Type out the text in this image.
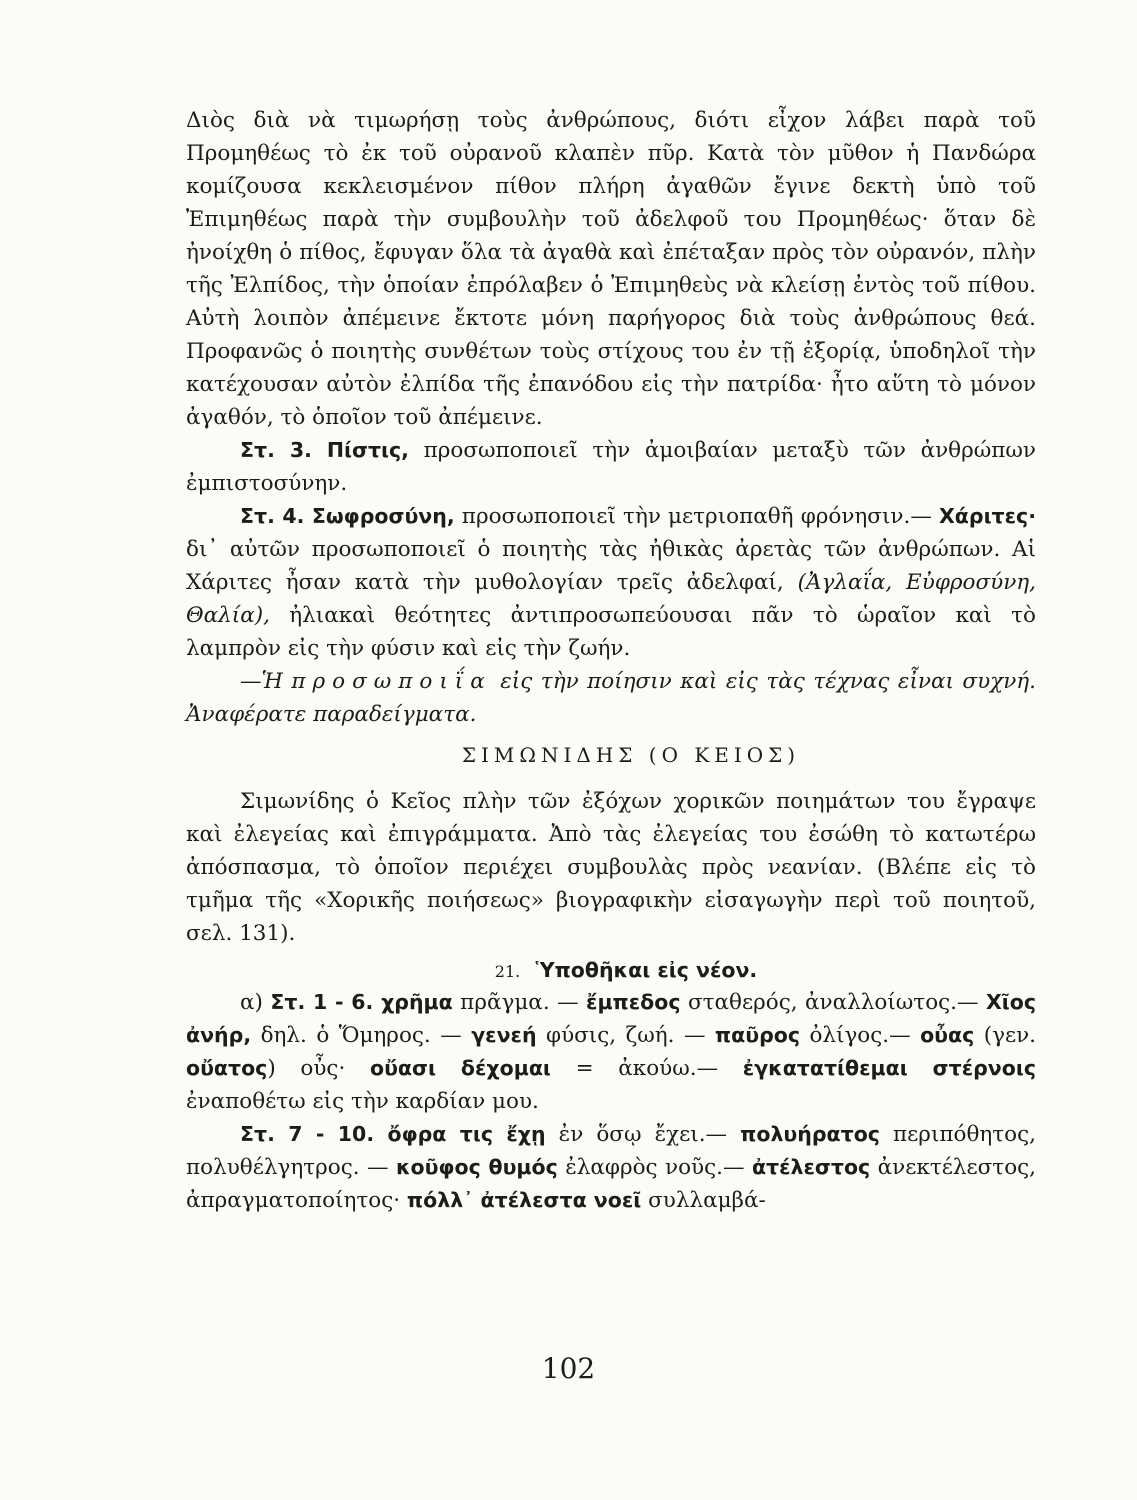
Διὸς διὰ νὰ τιμωρήσῃ τοὺς ἀνθρώπους, διότι εἶχον λάβει παρὰ τοῦ Προμηθέως τὸ ἐκ τοῦ οὐρανοῦ κλαπὲν πῦρ. Κατὰ τὸν μῦθον ἡ Πανδώρα κομίζουσα κεκλεισμένον πίθον πλήρη ἀγαθῶν ἔγινε δεκτὴ ὑπὸ τοῦ Ἐπιμηθέως παρὰ τὴν συμβουλὴν τοῦ ἀδελφοῦ του Προμηθέως· ὅταν δὲ ἠνοίχθη ὁ πίθος, ἔφυγαν ὅλα τὰ ἀγαθὰ καὶ ἐπέταξαν πρὸς τὸν οὐρανόν, πλὴν τῆς Ἐλπίδος, τὴν ὁποίαν ἐπρόλαβεν ὁ Ἐπιμηθεὺς νὰ κλείσῃ ἐντὸς τοῦ πίθου. Αὐτὴ λοιπὸν ἀπέμεινε ἔκτοτε μόνη παρήγορος διὰ τοὺς ἀνθρώπους θεά. Προφανῶς ὁ ποιητὴς συνθέτων τοὺς στίχους του ἐν τῇ ἐξορίᾳ, ὑποδηλοῖ τὴν κατέχουσαν αὐτὸν ἐλπίδα τῆς ἐπανόδου εἰς τὴν πατρίδα· ἦτο αὕτη τὸ μόνον ἀγαθόν, τὸ ὁποῖον τοῦ ἀπέμεινε.

Στ. 3. Πίστις, προσωποποιεῖ τὴν ἀμοιβαίαν μεταξὺ τῶν ἀνθρώπων ἐμπιστοσύνην.

Στ. 4. Σωφροσύνη, προσωποποιεῖ τὴν μετριοπαθῆ φρόνησιν.— Χάριτες· δι᾽ αὐτῶν προσωποποιεῖ ὁ ποιητὴς τὰς ἠθικὰς ἀρετὰς τῶν ἀνθρώπων. Αἱ Χάριτες ἦσαν κατὰ τὴν μυθολογίαν τρεῖς ἀδελφαί, (Ἀγλαΐα, Εὐφροσύνη, Θαλία), ἠλιακαὶ θεότητες ἀντιπροσωπεύουσαι πᾶν τὸ ὡραῖον καὶ τὸ λαμπρὸν εἰς τὴν φύσιν καὶ εἰς τὴν ζωήν.

—Ἡ προσωποιΐα εἰς τὴν ποίησιν καὶ εἰς τὰς τέχνας εἶναι συχνή. Ἀναφέρατε παραδείγματα.

ΣΙΜΩΝΙΔΗΣ (Ο ΚΕΙΟΣ)

Σιμωνίδης ὁ Κεῖος πλὴν τῶν ἐξόχων χορικῶν ποιημάτων του ἔγραψε καὶ ἐλεγείας καὶ ἐπιγράμματα. Ἀπὸ τὰς ἐλεγείας του ἐσώθη τὸ κατωτέρω ἀπόσπασμα, τὸ ὁποῖον περιέχει συμβουλὰς πρὸς νεανίαν. (Βλέπε εἰς τὸ τμῆμα τῆς «Χορικῆς ποιήσεως» βιογραφικὴν εἰσαγωγὴν περὶ τοῦ ποιητοῦ, σελ. 131).

21. Ὑποθῆκαι εἰς νέον.

α) Στ. 1 - 6. χρῆμα πρᾶγμα. — ἔμπεδος σταθερός, ἀναλλοίωτος.— Χῖος ἀνήρ, δηλ. ὁ Ὅμηρος. — γενεή φύσις, ζωή. — παῦρος ὀλίγος.— οὖας (γεν. οὔατος) οὖς· οὔασι δέχομαι = ἀκούω.— ἐγκατατίθεμαι στέρνοις ἐναποθέτω εἰς τὴν καρδίαν μου.

Στ. 7 - 10. ὄφρα τις ἔχῃ ἐν ὅσῳ ἔχει.— πολυήρατος περιπόθητος, πολυθέλγητρος. — κοῦφος θυμός ἐλαφρὸς νοῦς.— ἀτέλεστος ἀνεκτέλεστος, ἀπραγματοποίητος· πόλλ᾽ ἀτέλεστα νοεῖ συλλαμβά-

102
